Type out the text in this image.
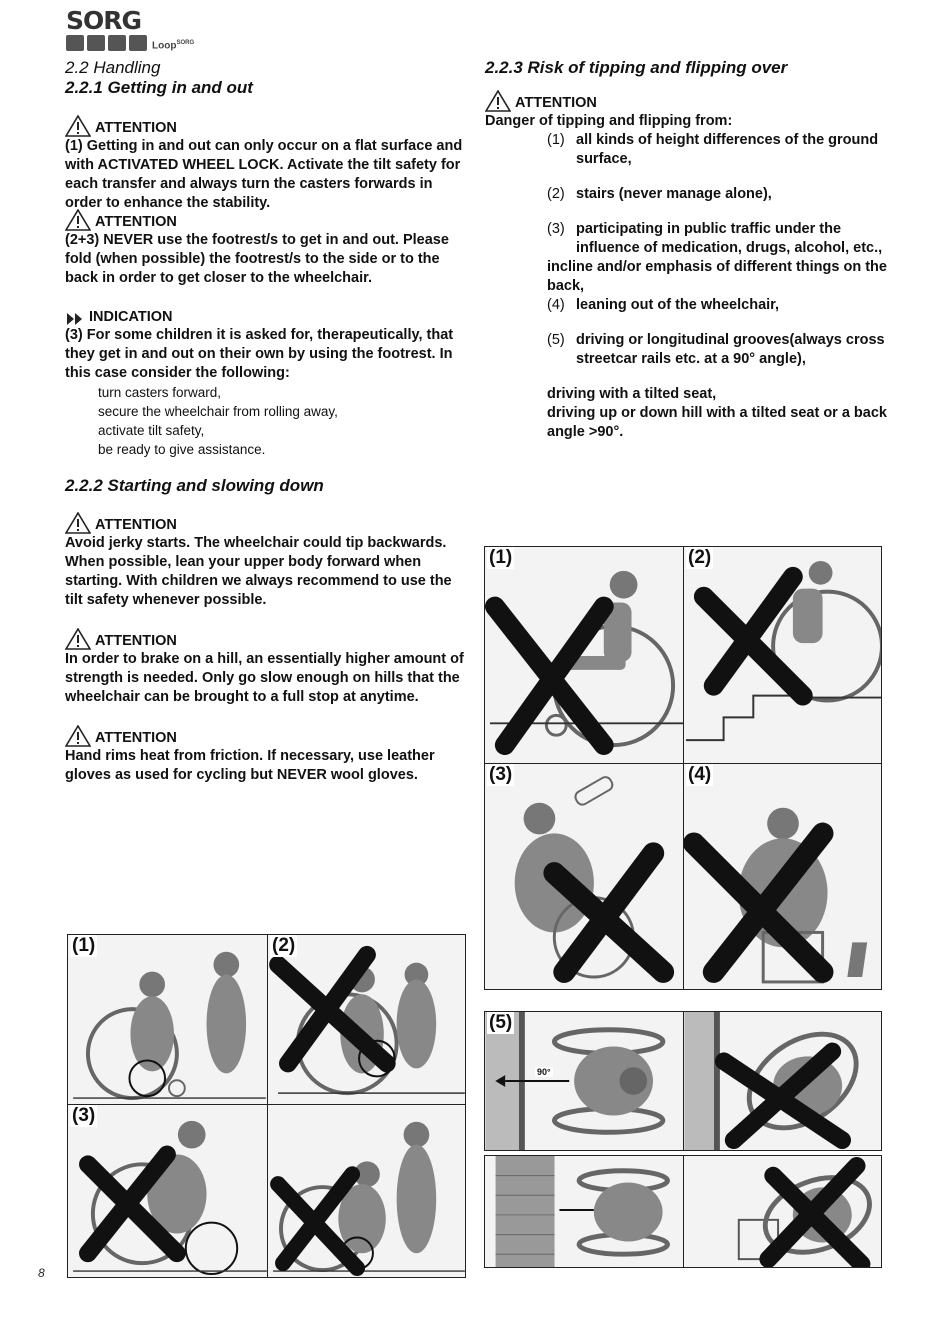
SORG
Loop$^{SORG}$
2.2 Handling
2.2.1 Getting in and out
ATTENTION
(1) Getting in and out can only occur on a flat surface and with ACTIVATED WHEEL LOCK. Activate the tilt safety for each transfer and always turn the casters forwards in order to enhance the stability.
ATTENTION
(2+3) NEVER use the footrest/s to get in and out. Please fold (when possible) the footrest/s to the side or to the back in order to get closer to the wheelchair.
INDICATION
(3) For some children it is asked for, therapeutically, that they get in and out on their own by using the footrest. In this case consider the following:
turn casters forward,
secure the wheelchair from rolling away,
activate tilt safety,
be ready to give assistance.
2.2.2 Starting and slowing down
ATTENTION
Avoid jerky starts. The wheelchair could tip backwards. When possible, lean your upper body forward when starting. With children we always recommend to use the tilt safety whenever possible.
ATTENTION
In order to brake on a hill, an essentially higher amount of strength is needed. Only go slow enough on hills that the wheelchair can be brought to a full stop at anytime.
ATTENTION
Hand rims heat from friction. If necessary, use leather gloves as used for cycling but NEVER wool gloves.
2.2.3 Risk of tipping and flipping over
ATTENTION
Danger of tipping and flipping from:
(1) all kinds of height differences of the ground surface,
(2) stairs (never manage alone),
(3) participating in public traffic under the influence of medication, drugs, alcohol, etc.,
incline and/or emphasis of different things on the back,
(4) leaning out of the wheelchair,
(5) driving or longitudinal grooves(always cross streetcar rails etc. at a 90° angle),
driving with a tilted seat,
driving up or down hill with a tilted seat or a back angle >90°.
(1)	(2)
(3)	(4)
(5)
90°
(1)	(2)
(3)
8
